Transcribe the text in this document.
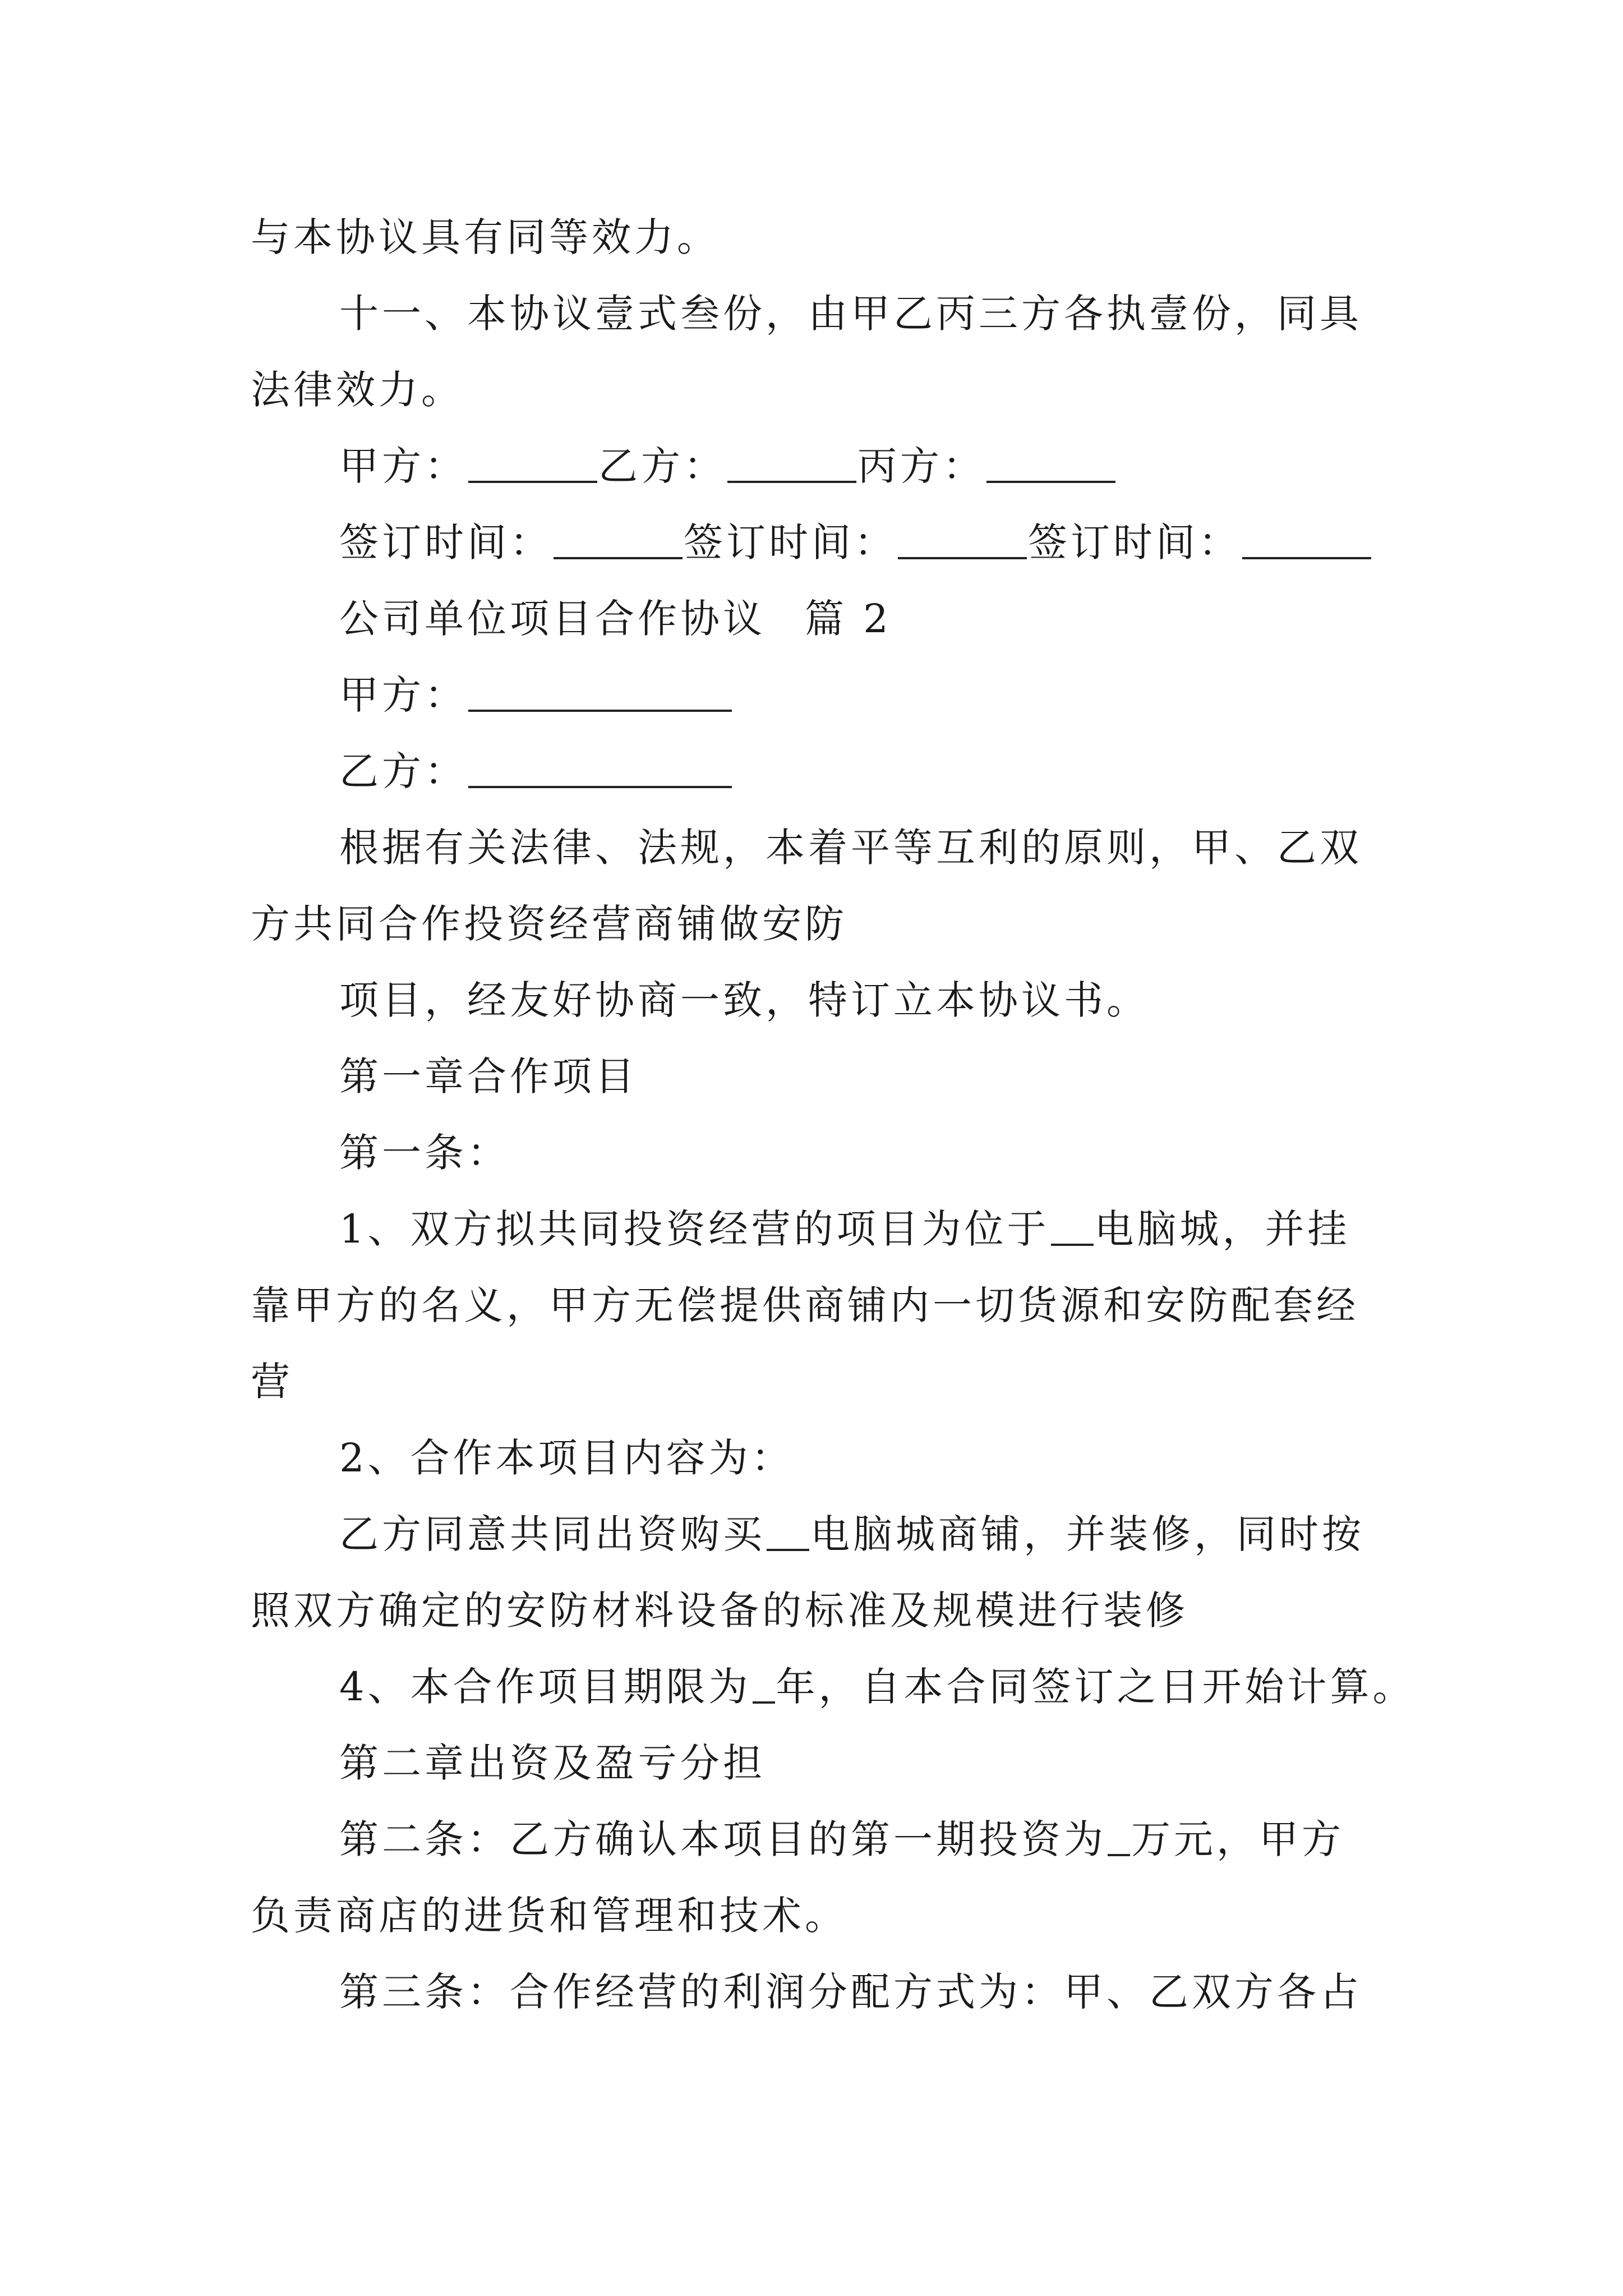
与本协议具有同等效力。
十一、本协议壹式叁份，由甲乙丙三方各执壹份，同具
法律效力。
甲方：	乙方：	丙方：
签订时间：	签订时间：	签订时间：
公司单位项目合作协议 篇 2
甲方：
乙方：
根据有关法律、法规，本着平等互利的原则，甲、乙双
方共同合作投资经营商铺做安防
项目，经友好协商一致，特订立本协议书。
第一章合作项目
第一条：
1、双方拟共同投资经营的项目为位于 电脑城，并挂
靠甲方的名义，甲方无偿提供商铺内一切货源和安防配套经
营
2、合作本项目内容为：
乙方同意共同出资购买 电脑城商铺，并装修，同时按
照双方确定的安防材料设备的标准及规模进行装修
4、本合作项目期限为 年，自本合同签订之日开始计算。
第二章出资及盈亏分担
第二条：乙方确认本项目的第一期投资为 万元，甲方
负责商店的进货和管理和技术。
第三条：合作经营的利润分配方式为：甲、乙双方各占
